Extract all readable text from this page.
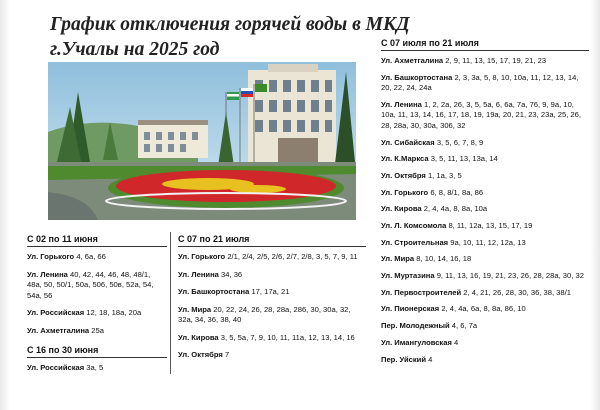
График отключения горячей воды в МКД
г.Учалы на 2025 год
С 02 по 11 июня
Ул. Горького 4, 6а, 66
Ул. Ленина 40, 42, 44, 46, 48, 48/1, 48а, 50, 50/1, 50а, 506, 50в, 52а, 54, 54а, 56
Ул. Российская 12, 18, 18а, 20а
Ул. Ахметгалина 25а
С 16 по 30 июня
Ул. Российская 3а, 5
С 07 по 21 июля
Ул. Горького 2/1, 2/4, 2/5, 2/6, 2/7, 2/8, 3, 5, 7, 9, 11
Ул. Ленина 34, 36
Ул. Башкортостана 17, 17а, 21
Ул. Мира 20, 22, 24, 26, 28, 28а, 286, 30, 30а, 32, 32а, 34, 36, 38, 40
Ул. Кирова 3, 5, 5а, 7, 9, 10, 11, 11а, 12, 13, 14, 16
Ул. Октября 7
С 07 июля по 21 июля
Ул. Ахметгалина 2, 9, 11, 13, 15, 17, 19, 21, 23
Ул. Башкортостана 2, 3, 3а, 5, 8, 10, 10а, 11, 12, 13, 14, 20, 22, 24, 24а
Ул. Ленина 1, 2, 2а, 26, 3, 5, 5а, 6, 6а, 7а, 76, 9, 9а, 10, 10а, 11, 13, 14, 16, 17, 18, 19, 19а, 20, 21, 23, 23а, 25, 26, 28, 28а, 30, 30а, 306, 32
Ул. Сибайская 3, 5, 6, 7, 8, 9
Ул. К.Маркса 3, 5, 11, 13, 13а, 14
Ул. Октября 1, 1а, 3, 5
Ул. Горького 6, 8, 8/1, 8а, 86
Ул. Кирова 2, 4, 4а, 8, 8а, 10а
Ул. Л. Комсомола 8, 11, 12а, 13, 15, 17, 19
Ул. Строительная 9а, 10, 11, 12, 12а, 13
Ул. Мира 8, 10, 14, 16, 18
Ул. Муртазина 9, 11, 13, 16, 19, 21, 23, 26, 28, 28а, 30, 32
Ул. Первостроителей 2, 4, 21, 26, 28, 30, 36, 38, 38/1
Ул. Пионерская 2, 4, 4а, 6а, 8, 8а, 86, 10
Пер. Молодежный 4, 6, 7а
Ул. Имангуловская 4
Пер. Уйский 4
